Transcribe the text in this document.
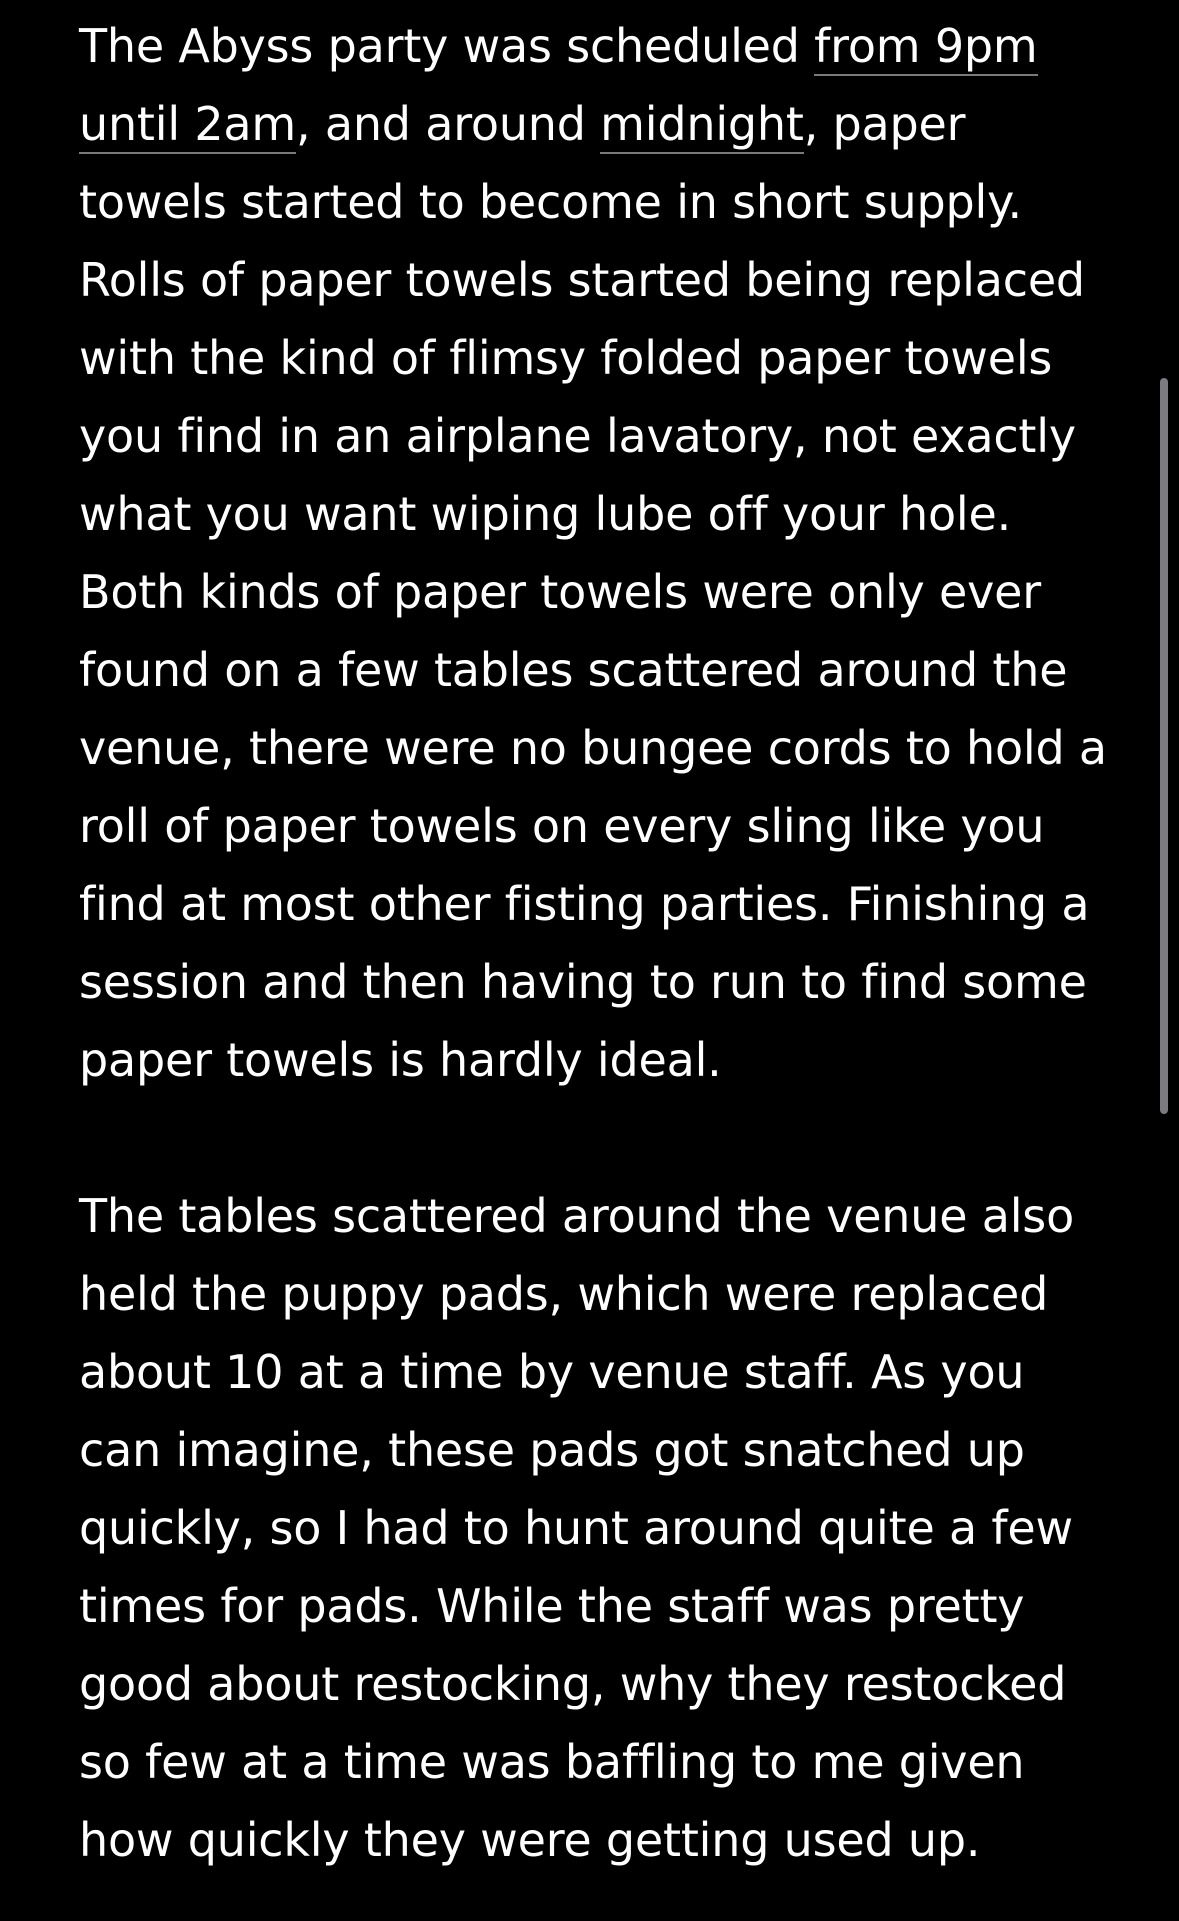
The Abyss party was scheduled from 9pm until 2am, and around midnight, paper towels started to become in short supply. Rolls of paper towels started being replaced with the kind of flimsy folded paper towels you find in an airplane lavatory, not exactly what you want wiping lube off your hole. Both kinds of paper towels were only ever found on a few tables scattered around the venue, there were no bungee cords to hold a roll of paper towels on every sling like you find at most other fisting parties. Finishing a session and then having to run to find some paper towels is hardly ideal.

The tables scattered around the venue also held the puppy pads, which were replaced about 10 at a time by venue staff. As you can imagine, these pads got snatched up quickly, so I had to hunt around quite a few times for pads. While the staff was pretty good about restocking, why they restocked so few at a time was baffling to me given how quickly they were getting used up.
